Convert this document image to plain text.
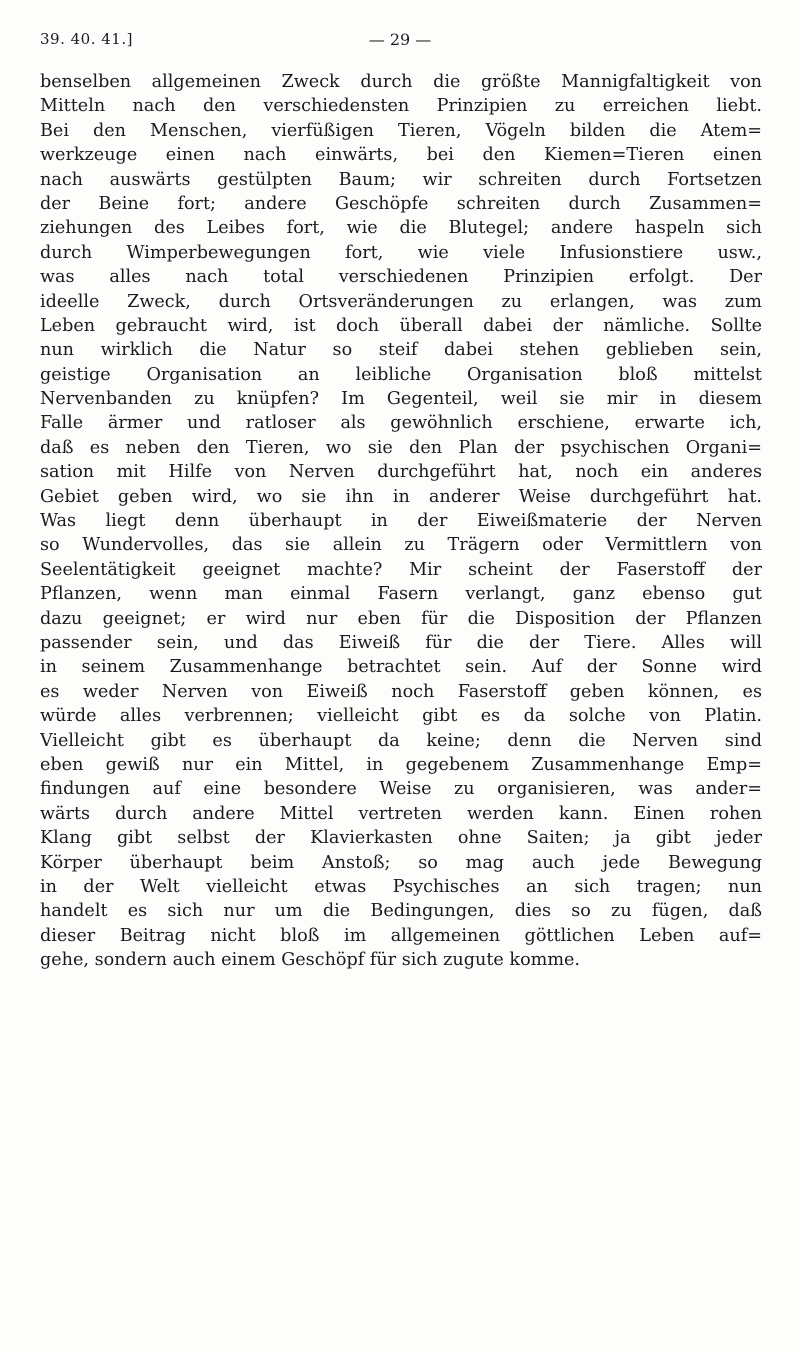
39. 40. 41.]	— 29 —
benselben allgemeinen Zweck durch die größte Mannigfaltigkeit von
Mitteln nach den verschiedensten Prinzipien zu erreichen liebt.
Bei den Menschen, vierfüßigen Tieren, Vögeln bilden die Atem=
werkzeuge einen nach einwärts, bei den Kiemen=Tieren einen
nach auswärts gestülpten Baum; wir schreiten durch Fortsetzen
der Beine fort; andere Geschöpfe schreiten durch Zusammen=
ziehungen des Leibes fort, wie die Blutegel; andere haspeln sich
durch Wimperbewegungen fort, wie viele Infusionstiere usw.,
was alles nach total verschiedenen Prinzipien erfolgt. Der
ideelle Zweck, durch Ortsveränderungen zu erlangen, was zum
Leben gebraucht wird, ist doch überall dabei der nämliche. Sollte
nun wirklich die Natur so steif dabei stehen geblieben sein,
geistige Organisation an leibliche Organisation bloß mittelst
Nervenbanden zu knüpfen? Im Gegenteil, weil sie mir in diesem
Falle ärmer und ratloser als gewöhnlich erschiene, erwarte ich,
daß es neben den Tieren, wo sie den Plan der psychischen Organi=
sation mit Hilfe von Nerven durchgeführt hat, noch ein anderes
Gebiet geben wird, wo sie ihn in anderer Weise durchgeführt hat.
Was liegt denn überhaupt in der Eiweißmaterie der Nerven
so Wundervolles, das sie allein zu Trägern oder Vermittlern von
Seelentätigkeit geeignet machte? Mir scheint der Faserstoff der
Pflanzen, wenn man einmal Fasern verlangt, ganz ebenso gut
dazu geeignet; er wird nur eben für die Disposition der Pflanzen
passender sein, und das Eiweiß für die der Tiere. Alles will
in seinem Zusammenhange betrachtet sein. Auf der Sonne wird
es weder Nerven von Eiweiß noch Faserstoff geben können, es
würde alles verbrennen; vielleicht gibt es da solche von Platin.
Vielleicht gibt es überhaupt da keine; denn die Nerven sind
eben gewiß nur ein Mittel, in gegebenem Zusammenhange Emp=
findungen auf eine besondere Weise zu organisieren, was ander=
wärts durch andere Mittel vertreten werden kann. Einen rohen
Klang gibt selbst der Klavierkasten ohne Saiten; ja gibt jeder
Körper überhaupt beim Anstoß; so mag auch jede Bewegung
in der Welt vielleicht etwas Psychisches an sich tragen; nun
handelt es sich nur um die Bedingungen, dies so zu fügen, daß
dieser Beitrag nicht bloß im allgemeinen göttlichen Leben auf=
gehe, sondern auch einem Geschöpf für sich zugute komme.
